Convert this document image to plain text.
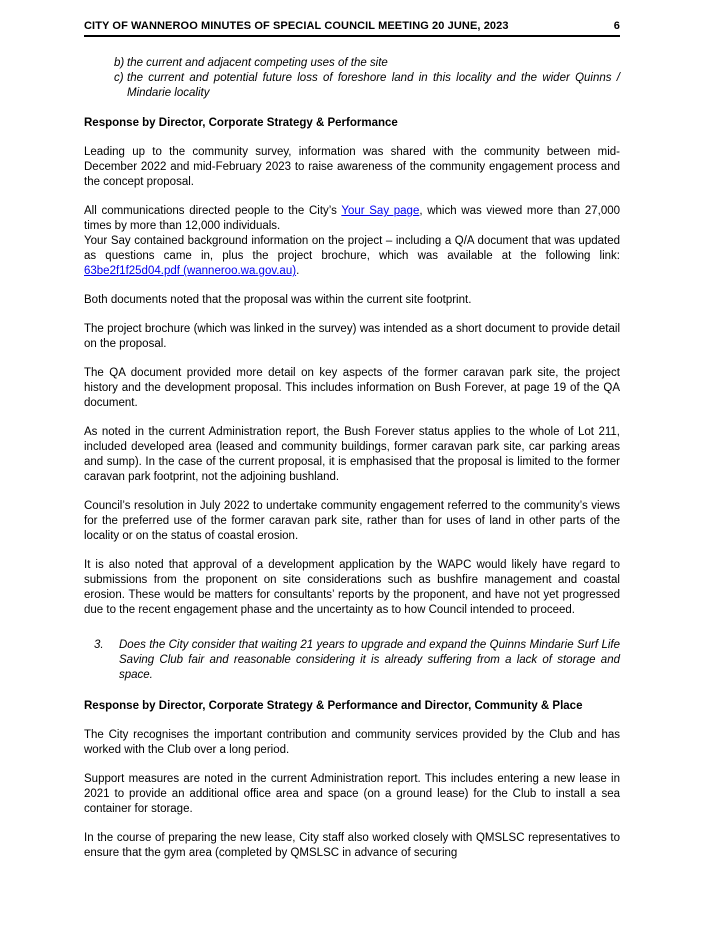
CITY OF WANNEROO MINUTES OF SPECIAL COUNCIL MEETING 20 JUNE, 2023	6
b) the current and adjacent competing uses of the site
c) the current and potential future loss of foreshore land in this locality and the wider Quinns / Mindarie locality
Response by Director, Corporate Strategy & Performance

Leading up to the community survey, information was shared with the community between mid-December 2022 and mid-February 2023 to raise awareness of the community engagement process and the concept proposal.

All communications directed people to the City’s Your Say page, which was viewed more than 27,000 times by more than 12,000 individuals.

Your Say contained background information on the project – including a Q/A document that was updated as questions came in, plus the project brochure, which was available at the following link: 63be2f1f25d04.pdf (wanneroo.wa.gov.au).

Both documents noted that the proposal was within the current site footprint.

The project brochure (which was linked in the survey) was intended as a short document to provide detail on the proposal.

The QA document provided more detail on key aspects of the former caravan park site, the project history and the development proposal. This includes information on Bush Forever, at page 19 of the QA document.

As noted in the current Administration report, the Bush Forever status applies to the whole of Lot 211, included developed area (leased and community buildings, former caravan park site, car parking areas and sump). In the case of the current proposal, it is emphasised that the proposal is limited to the former caravan park footprint, not the adjoining bushland.

Council’s resolution in July 2022 to undertake community engagement referred to the community’s views for the preferred use of the former caravan park site, rather than for uses of land in other parts of the locality or on the status of coastal erosion.

It is also noted that approval of a development application by the WAPC would likely have regard to submissions from the proponent on site considerations such as bushfire management and coastal erosion. These would be matters for consultants’ reports by the proponent, and have not yet progressed due to the recent engagement phase and the uncertainty as to how Council intended to proceed.

3.	Does the City consider that waiting 21 years to upgrade and expand the Quinns Mindarie Surf Life Saving Club fair and reasonable considering it is already suffering from a lack of storage and space.
Response by Director, Corporate Strategy & Performance and Director, Community & Place

The City recognises the important contribution and community services provided by the Club and has worked with the Club over a long period.

Support measures are noted in the current Administration report. This includes entering a new lease in 2021 to provide an additional office area and space (on a ground lease) for the Club to install a sea container for storage.

In the course of preparing the new lease, City staff also worked closely with QMSLSC representatives to ensure that the gym area (completed by QMSLSC in advance of securing
